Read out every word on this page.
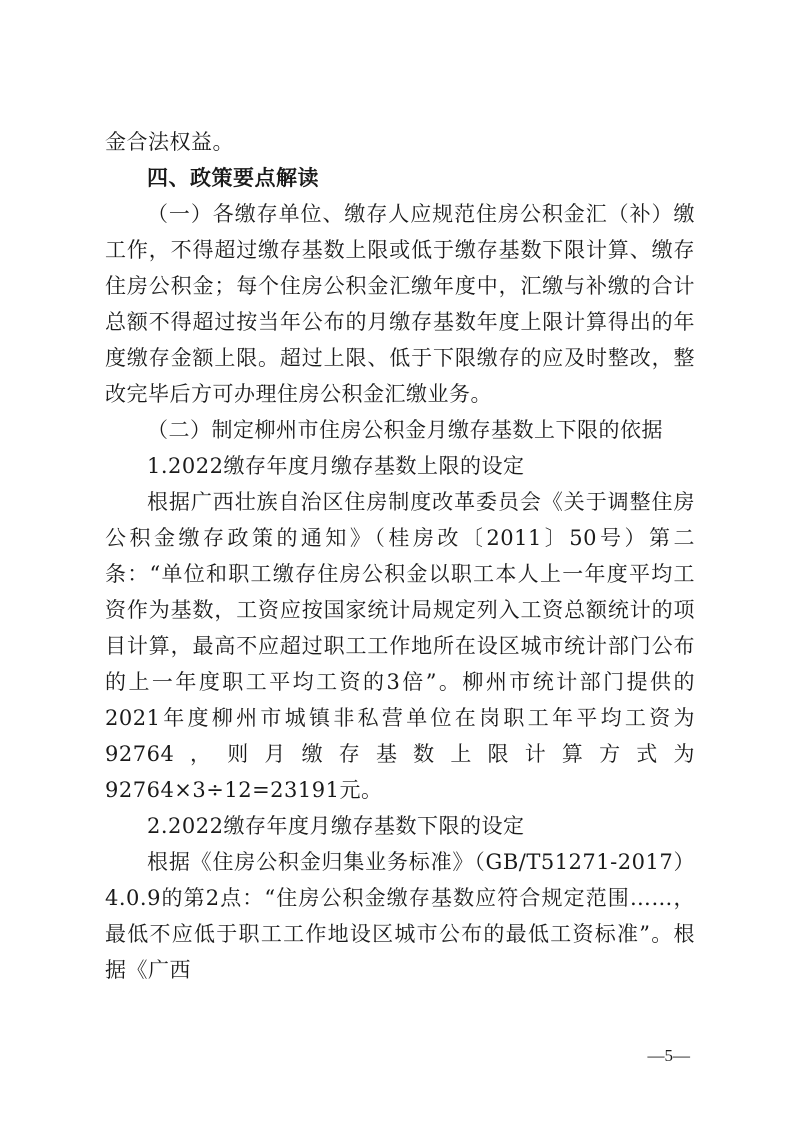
金合法权益。

四、政策要点解读

（一）各缴存单位、缴存人应规范住房公积金汇（补）缴工作，不得超过缴存基数上限或低于缴存基数下限计算、缴存住房公积金；每个住房公积金汇缴年度中，汇缴与补缴的合计总额不得超过按当年公布的月缴存基数年度上限计算得出的年度缴存金额上限。超过上限、低于下限缴存的应及时整改，整改完毕后方可办理住房公积金汇缴业务。

（二）制定柳州市住房公积金月缴存基数上下限的依据

1.2022缴存年度月缴存基数上限的设定

根据广西壮族自治区住房制度改革委员会《关于调整住房公积金缴存政策的通知》（桂房改〔2011〕50号）第二条：“单位和职工缴存住房公积金以职工本人上一年度平均工资作为基数，工资应按国家统计局规定列入工资总额统计的项目计算，最高不应超过职工工作地所在设区城市统计部门公布的上一年度职工平均工资的3倍”。柳州市统计部门提供的2021年度柳州市城镇非私营单位在岗职工年平均工资为92764，则月缴存基数上限计算方式为92764×3÷12=23191元。

2.2022缴存年度月缴存基数下限的设定

根据《住房公积金归集业务标准》（GB/T51271-2017）4.0.9的第2点：“住房公积金缴存基数应符合规定范围……，最低不应低于职工工作地设区城市公布的最低工资标准”。根据《广西

—5—
